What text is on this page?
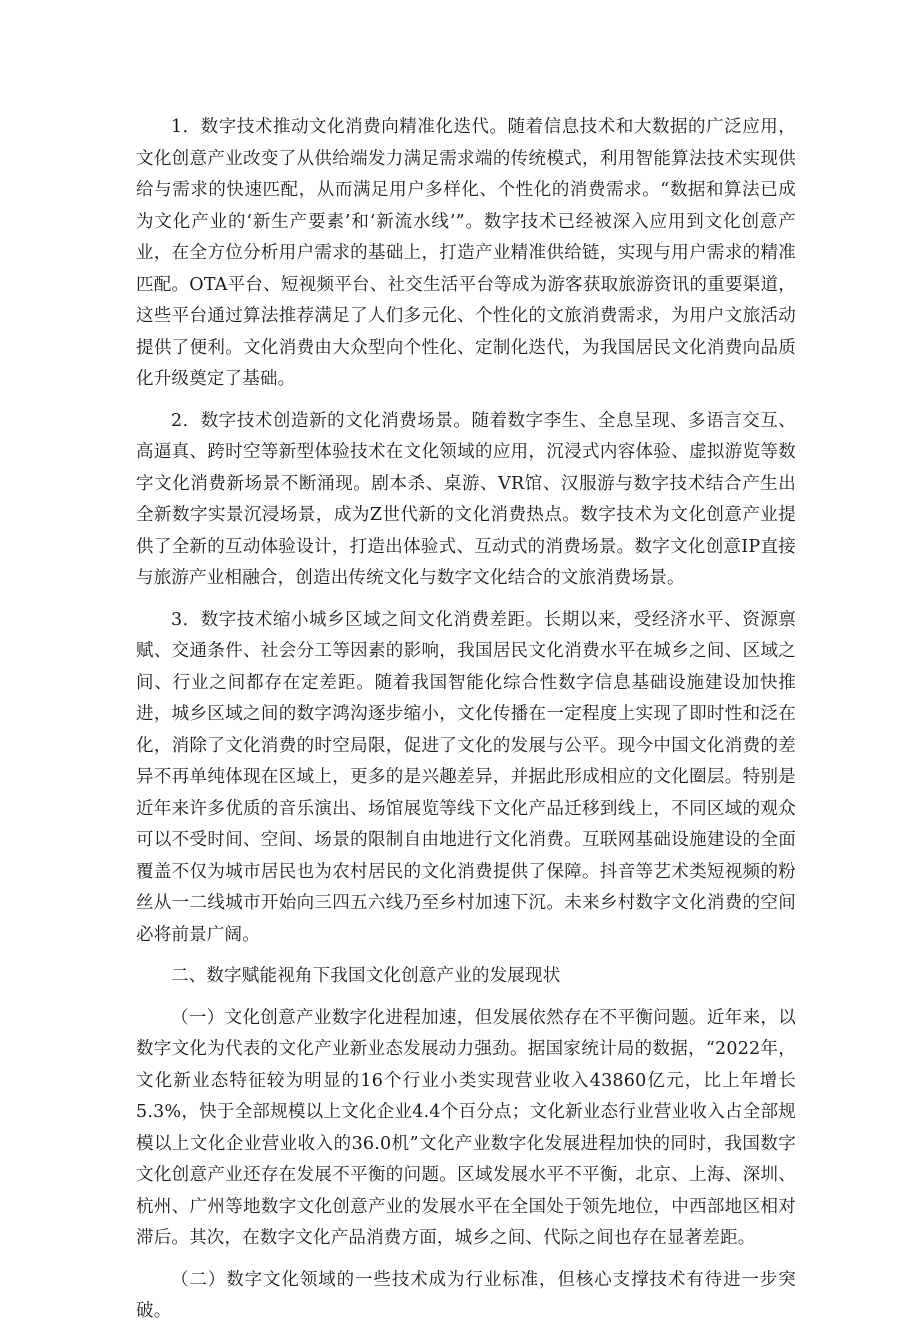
1．数字技术推动文化消费向精准化迭代。随着信息技术和大数据的广泛应用，文化创意产业改变了从供给端发力满足需求端的传统模式，利用智能算法技术实现供给与需求的快速匹配，从而满足用户多样化、个性化的消费需求。“数据和算法已成为文化产业的‘新生产要素’和‘新流水线’”。数字技术已经被深入应用到文化创意产业，在全方位分析用户需求的基础上，打造产业精准供给链，实现与用户需求的精准匹配。OTA平台、短视频平台、社交生活平台等成为游客获取旅游资讯的重要渠道，这些平台通过算法推荐满足了人们多元化、个性化的文旅消费需求，为用户文旅活动提供了便利。文化消费由大众型向个性化、定制化迭代，为我国居民文化消费向品质化升级奠定了基础。

2．数字技术创造新的文化消费场景。随着数字李生、全息呈现、多语言交互、高逼真、跨时空等新型体验技术在文化领域的应用，沉浸式内容体验、虚拟游览等数字文化消费新场景不断涌现。剧本杀、桌游、VR馆、汉服游与数字技术结合产生出全新数字实景沉浸场景，成为Z世代新的文化消费热点。数字技术为文化创意产业提供了全新的互动体验设计，打造出体验式、互动式的消费场景。数字文化创意IP直接与旅游产业相融合，创造出传统文化与数字文化结合的文旅消费场景。

3．数字技术缩小城乡区域之间文化消费差距。长期以来，受经济水平、资源禀赋、交通条件、社会分工等因素的影响，我国居民文化消费水平在城乡之间、区域之间、行业之间都存在定差距。随着我国智能化综合性数字信息基础设施建设加快推进，城乡区域之间的数字鸿沟逐步缩小，文化传播在一定程度上实现了即时性和泛在化，消除了文化消费的时空局限，促进了文化的发展与公平。现今中国文化消费的差异不再单纯体现在区域上，更多的是兴趣差异，并据此形成相应的文化圈层。特别是近年来许多优质的音乐演出、场馆展览等线下文化产品迁移到线上，不同区域的观众可以不受时间、空间、场景的限制自由地进行文化消费。互联网基础设施建设的全面覆盖不仅为城市居民也为农村居民的文化消费提供了保障。抖音等艺术类短视频的粉丝从一二线城市开始向三四五六线乃至乡村加速下沉。未来乡村数字文化消费的空间必将前景广阔。

二、数字赋能视角下我国文化创意产业的发展现状

（一）文化创意产业数字化进程加速，但发展依然存在不平衡问题。近年来，以数字文化为代表的文化产业新业态发展动力强劲。据国家统计局的数据，“2022年，文化新业态特征较为明显的16个行业小类实现营业收入43860亿元，比上年增长5.3%，快于全部规模以上文化企业4.4个百分点；文化新业态行业营业收入占全部规模以上文化企业营业收入的36.0机”文化产业数字化发展进程加快的同时，我国数字文化创意产业还存在发展不平衡的问题。区域发展水平不平衡，北京、上海、深圳、杭州、广州等地数字文化创意产业的发展水平在全国处于领先地位，中西部地区相对滞后。其次，在数字文化产品消费方面，城乡之间、代际之间也存在显著差距。

（二）数字文化领域的一些技术成为行业标准，但核心支撑技术有待进一步突破。
